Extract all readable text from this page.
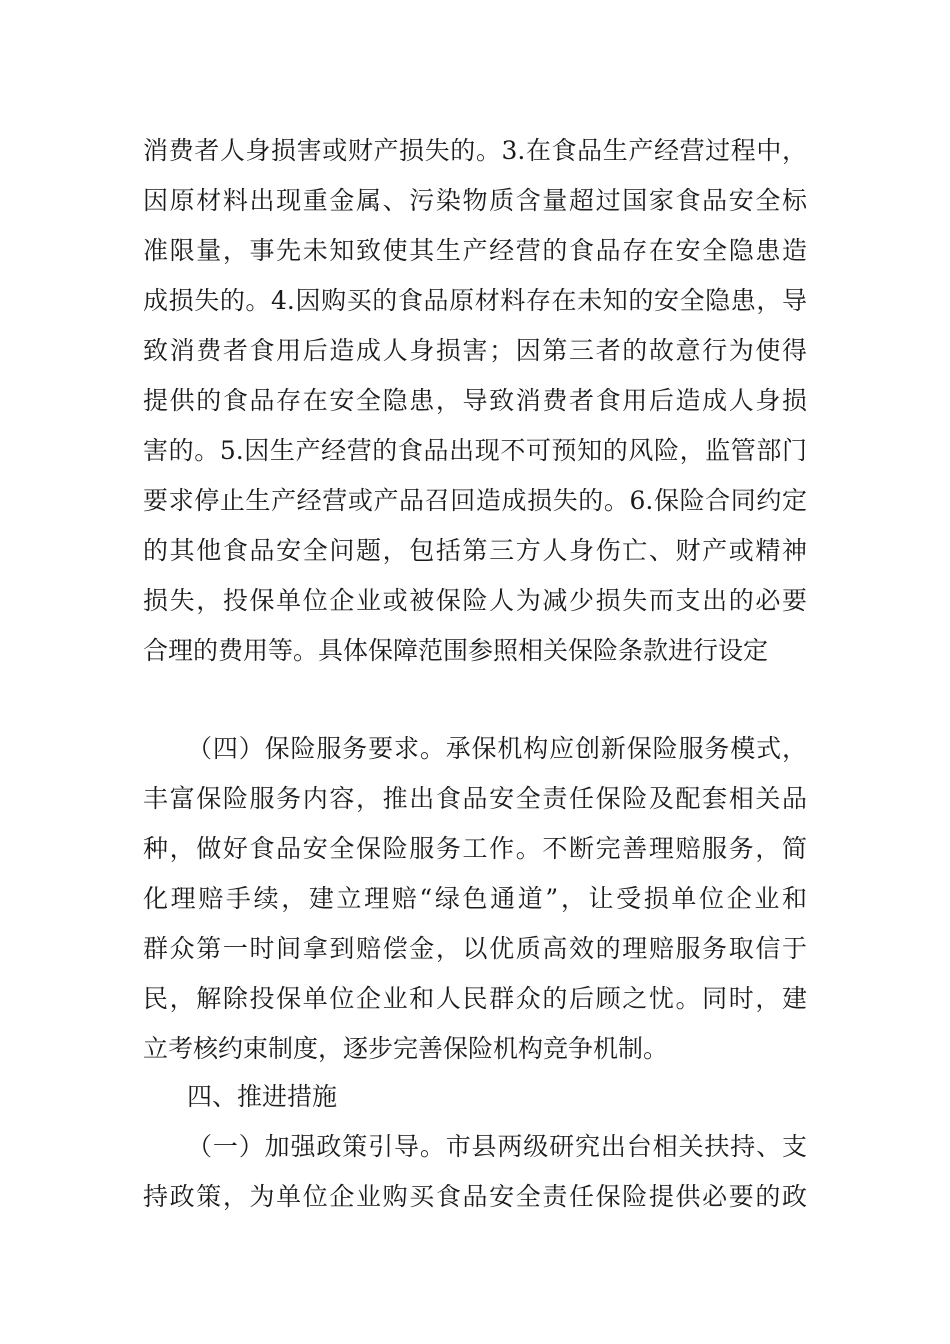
消费者人身损害或财产损失的。3.在食品生产经营过程中，
因原材料出现重金属、污染物质含量超过国家食品安全标
准限量，事先未知致使其生产经营的食品存在安全隐患造
成损失的。4.因购买的食品原材料存在未知的安全隐患，导
致消费者食用后造成人身损害；因第三者的故意行为使得
提供的食品存在安全隐患，导致消费者食用后造成人身损
害的。5.因生产经营的食品出现不可预知的风险，监管部门
要求停止生产经营或产品召回造成损失的。6.保险合同约定
的其他食品安全问题，包括第三方人身伤亡、财产或精神
损失，投保单位企业或被保险人为减少损失而支出的必要
合理的费用等。具体保障范围参照相关保险条款进行设定
（四）保险服务要求。承保机构应创新保险服务模式，
丰富保险服务内容，推出食品安全责任保险及配套相关品
种，做好食品安全保险服务工作。不断完善理赔服务，简
化理赔手续，建立理赔“绿色通道”，让受损单位企业和
群众第一时间拿到赔偿金，以优质高效的理赔服务取信于
民，解除投保单位企业和人民群众的后顾之忧。同时，建
立考核约束制度，逐步完善保险机构竞争机制。
四、推进措施
（一）加强政策引导。市县两级研究出台相关扶持、支
持政策，为单位企业购买食品安全责任保险提供必要的政
